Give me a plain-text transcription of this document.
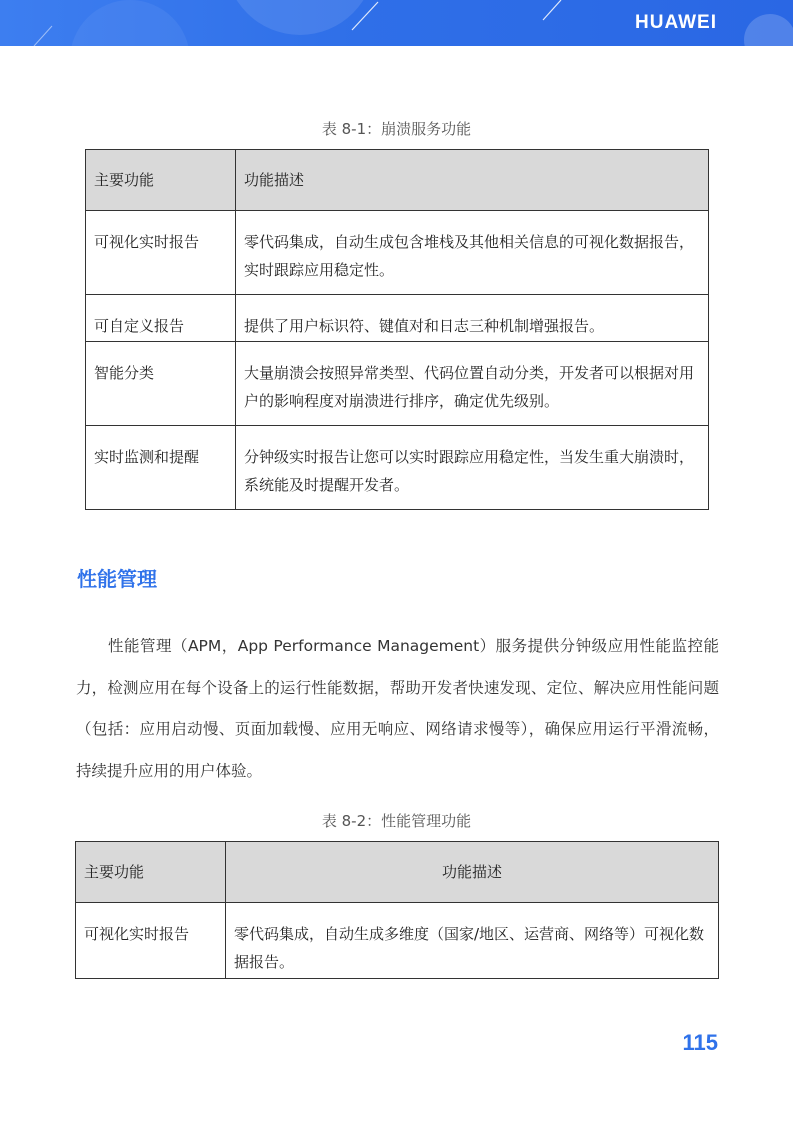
HUAWEI
表 8-1：崩溃服务功能
主要功能	功能描述
可视化实时报告	零代码集成，自动生成包含堆栈及其他相关信息的可视化数据报告，实时跟踪应用稳定性。
可自定义报告	提供了用户标识符、键值对和日志三种机制增强报告。
智能分类	大量崩溃会按照异常类型、代码位置自动分类，开发者可以根据对用户的影响程度对崩溃进行排序，确定优先级别。
实时监测和提醒	分钟级实时报告让您可以实时跟踪应用稳定性，当发生重大崩溃时，系统能及时提醒开发者。
性能管理

性能管理（APM，App Performance Management）服务提供分钟级应用性能监控能力，检测应用在每个设备上的运行性能数据，帮助开发者快速发现、定位、解决应用性能问题（包括：应用启动慢、页面加载慢、应用无响应、网络请求慢等），确保应用运行平滑流畅，持续提升应用的用户体验。

表 8-2：性能管理功能
主要功能	功能描述
可视化实时报告	零代码集成，自动生成多维度（国家/地区、运营商、网络等）可视化数据报告。
115
